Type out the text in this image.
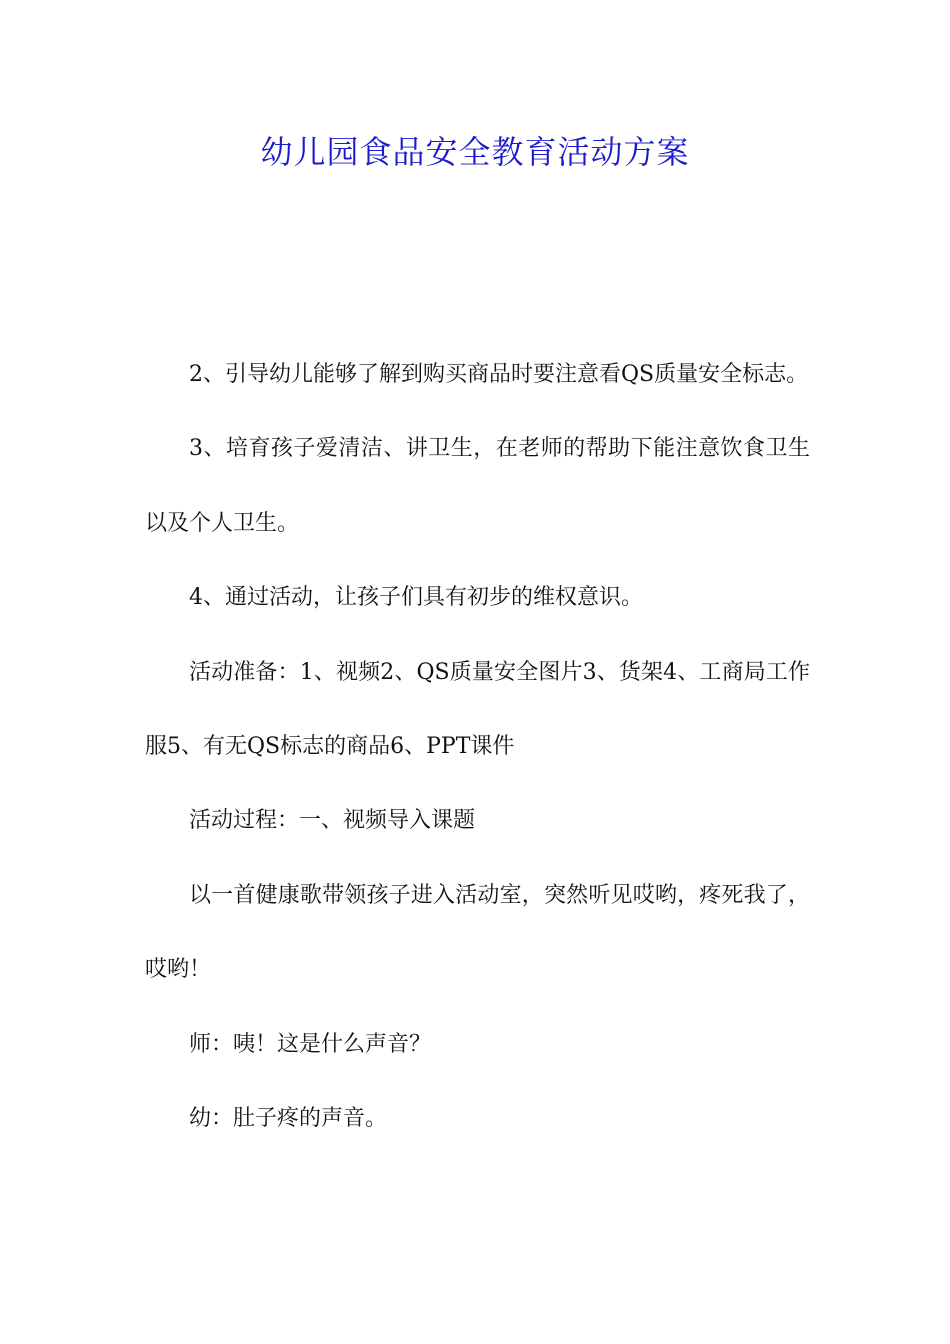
幼儿园食品安全教育活动方案

2、引导幼儿能够了解到购买商品时要注意看QS质量安全标志。

3、培育孩子爱清洁、讲卫生，在老师的帮助下能注意饮食卫生以及个人卫生。

4、通过活动，让孩子们具有初步的维权意识。

活动准备：1、视频2、QS质量安全图片3、货架4、工商局工作服5、有无QS标志的商品6、PPT课件

活动过程：一、视频导入课题

以一首健康歌带领孩子进入活动室，突然听见哎哟，疼死我了，哎哟！

师：咦！这是什么声音？

幼：肚子疼的声音。
